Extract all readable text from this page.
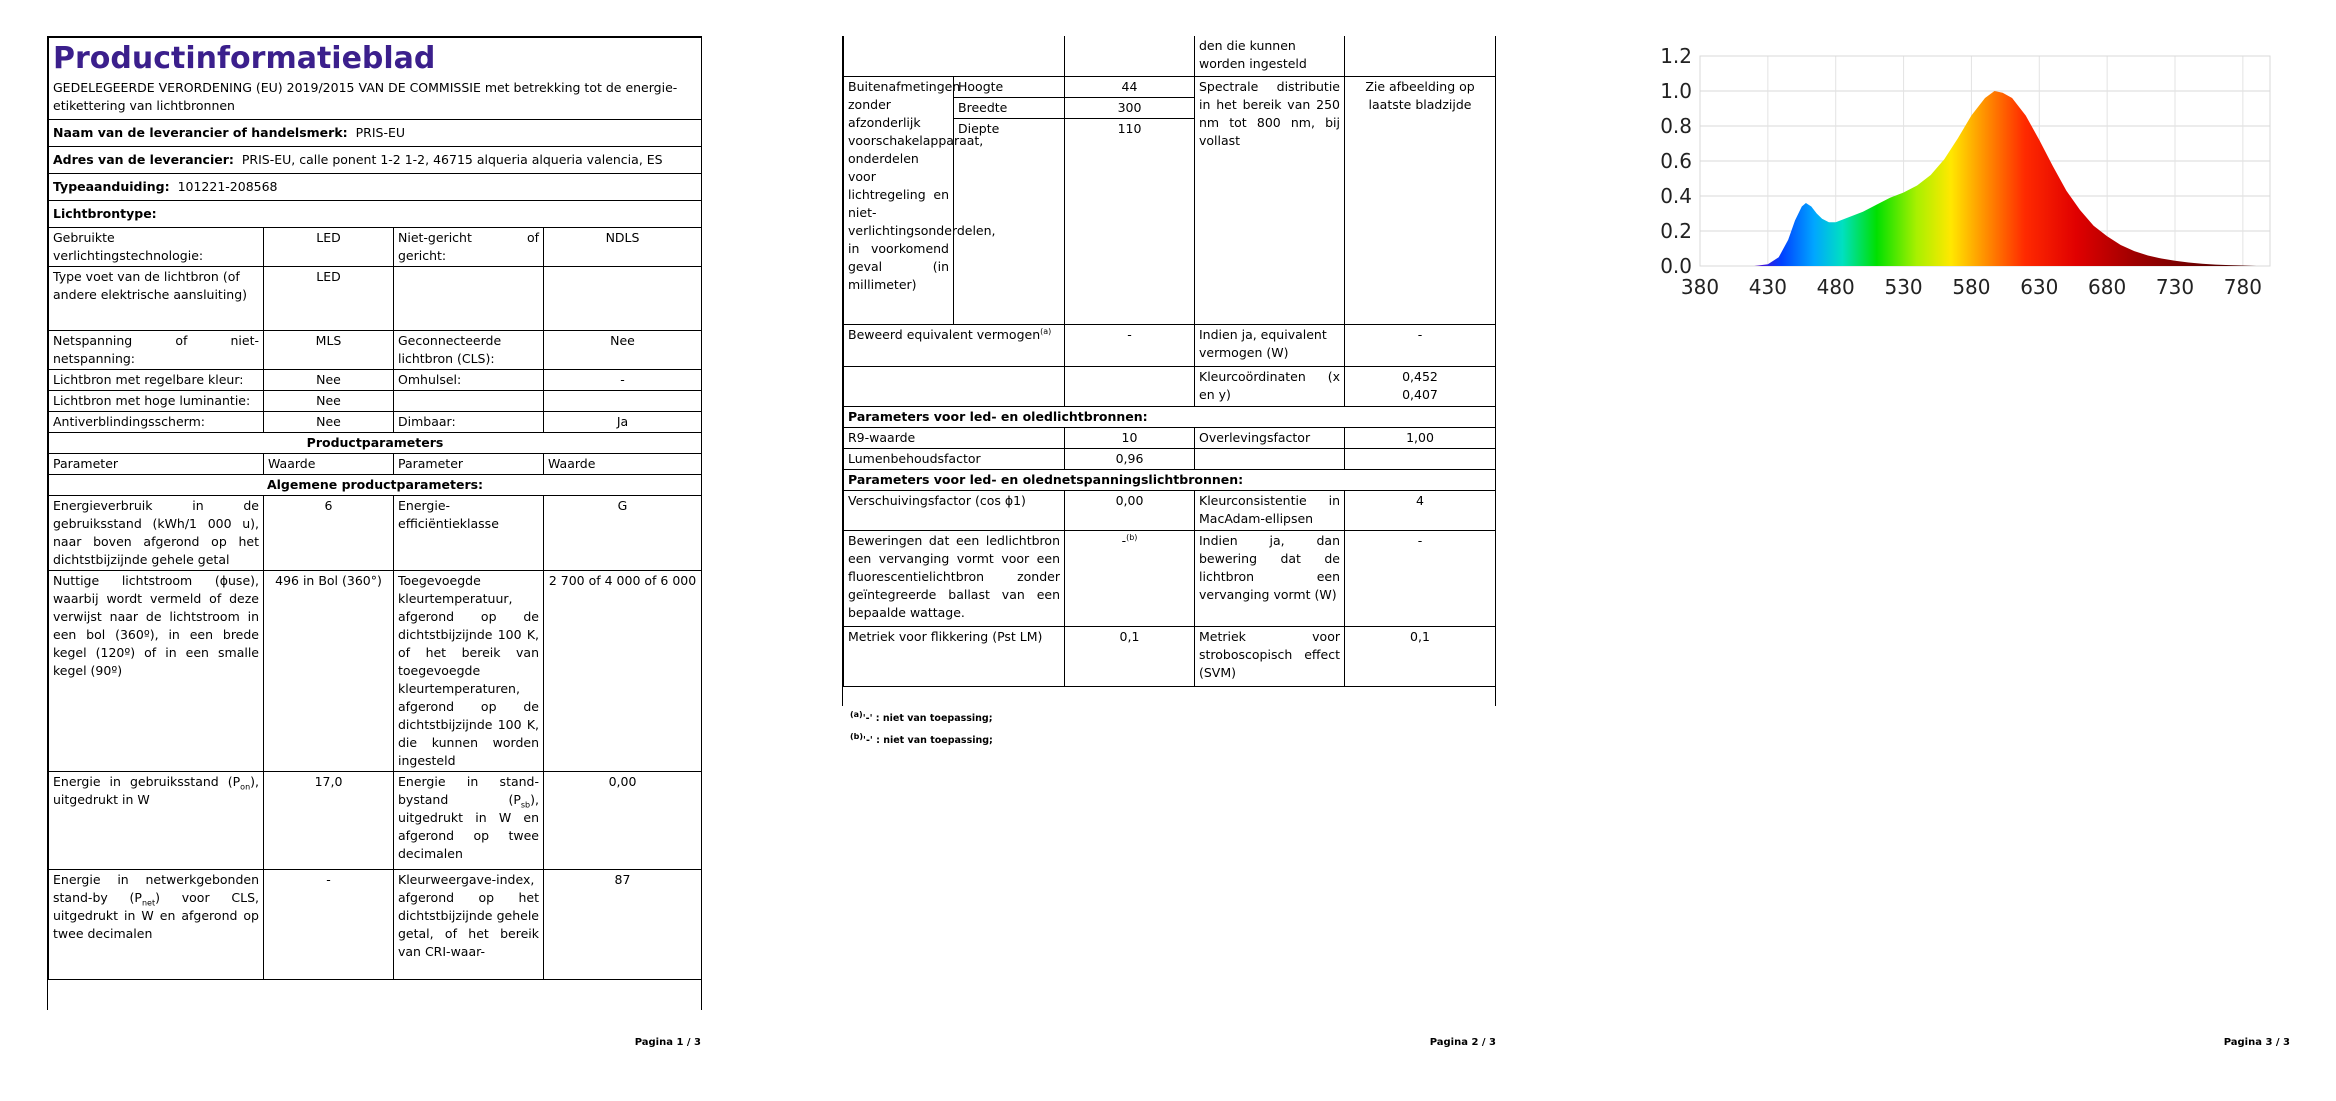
Productinformatieblad
GEDELEGEERDE VERORDENING (EU) 2019/2015 VAN DE COMMISSIE met betrekking tot de energie-etikettering van lichtbronnen			

Naam van de leverancier of handelsmerk: PRIS-EU			
Adres van de leverancier: PRIS-EU, calle ponent 1-2 1-2, 46715 alqueria alqueria valencia, ES			
Typeaanduiding: 101221-208568			
Lichtbrontype:			
Gebruikte verlichtingstechnologie:	LED	Niet-gericht of gericht:	NDLS
Type voet van de lichtbron (of andere elektrische aansluiting)	LED		
Netspanning of niet-netspanning:	MLS	Geconnecteerde lichtbron (CLS):	Nee
Lichtbron met regelbare kleur:	Nee	Omhulsel:	-
Lichtbron met hoge luminantie:	Nee		
Antiverblindingsscherm:	Nee	Dimbaar:	Ja
Productparameters			
Parameter	Waarde	Parameter	Waarde
Algemene productparameters:			
Energieverbruik in de gebruiksstand (kWh/1 000 u), naar boven afgerond op het dichtstbijzijnde gehele getal	6	Energie-efficiëntieklasse	G
Nuttige lichtstroom (ɸuse), waarbij wordt vermeld of deze verwijst naar de lichtstroom in een bol (360º), in een brede kegel (120º) of in een smalle kegel (90º)	496 in Bol (360°)	Toegevoegde kleurtemperatuur, afgerond op de dichtstbijzijnde 100 K, of het bereik van toegevoegde kleurtemperaturen, afgerond op de dichtstbijzijnde 100 K, die kunnen worden ingesteld	2 700 of 4 000 of 6 000
Energie in gebruiksstand $(P_{on})$, uitgedrukt in W	17,0	Energie in stand-bystand $(P_{sb})$, uitgedrukt in W en afgerond op twee decimalen	0,00
Energie in netwerkgebonden stand-by $(P_{net})$ voor CLS, uitgedrukt in W en afgerond op twee decimalen	-	Kleurweergave-index, afgerond op het dichtstbijzijnde gehele getal, of het bereik van CRI-waar-	87
Pagina 1 / 3
			den die kunnen worden ingesteld	
Buitenafmetingen zonder afzonderlijk voorschakelapparaat, onderdelen voor lichtregeling en niet-verlichtingsonderdelen, in voorkomend geval (in millimeter)	Hoogte	44	Spectrale distributie in het bereik van 250 nm tot 800 nm, bij vollast	Zie afbeelding op laatste bladzijde
	Breedte	300		
	Diepte	110		
Beweerd equivalent vermogen$^{(a)}$		-	Indien ja, equivalent vermogen (W)	-
			Kleurcoördinaten (x en y)	0,452
0,407

Parameters voor led- en oledlichtbronnen:				
R9-waarde		10	Overlevingsfactor	1,00
Lumenbehoudsfactor		0,96		
Parameters voor led- en olednetspanningslichtbronnen:				
Verschuivingsfactor (cos ɸ1)		0,00	Kleurconsistentie in MacAdam-ellipsen	4
Beweringen dat een ledlichtbron een vervanging vormt voor een fluorescentielichtbron zonder geïntegreerde ballast van een bepaalde wattage.		-$^{(b)}$	Indien ja, dan bewering dat de lichtbron een vervanging vormt (W)	-
Metriek voor flikkering (Pst LM)		0,1	Metriek voor stroboscopisch effect (SVM)	0,1
$^{(a)}$'-' : niet van toepassing;
$^{(b)}$'-' : niet van toepassing;
Pagina 2 / 3
0.0
0.2
0.4
0.6
0.8
1.0
1.2
380 430 480 530 580 630 680 730 780
Pagina 3 / 3
